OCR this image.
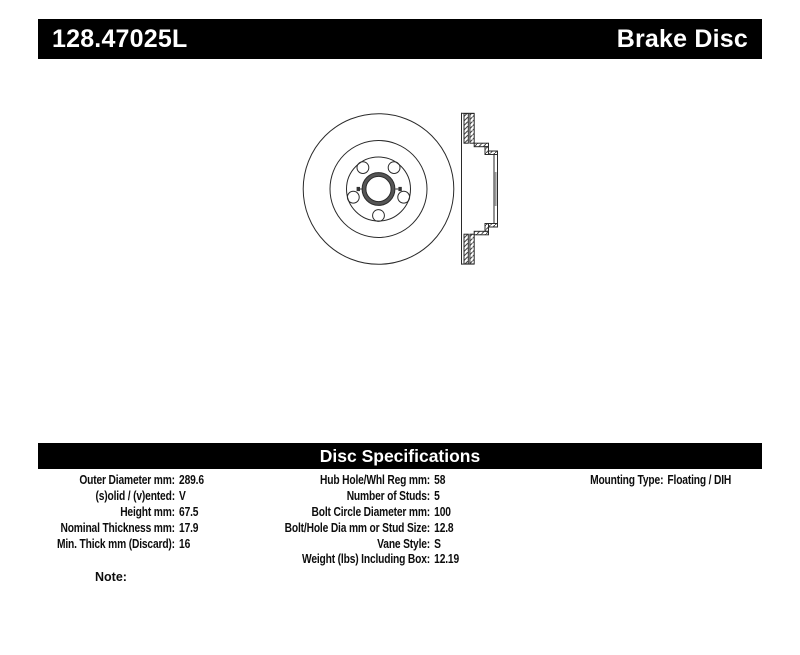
128.47025L	Brake Disc
Disc Specifications
Outer Diameter mm: 289.6
(s)olid / (v)ented: V
Height mm: 67.5
Nominal Thickness mm: 17.9
Min. Thick mm (Discard): 16
Hub Hole/Whl Reg mm: 58
Number of Studs: 5
Bolt Circle Diameter mm: 100
Bolt/Hole Dia mm or Stud Size: 12.8
Vane Style: S
Weight (lbs) Including Box: 12.19
Mounting Type: Floating / DIH
Note:
